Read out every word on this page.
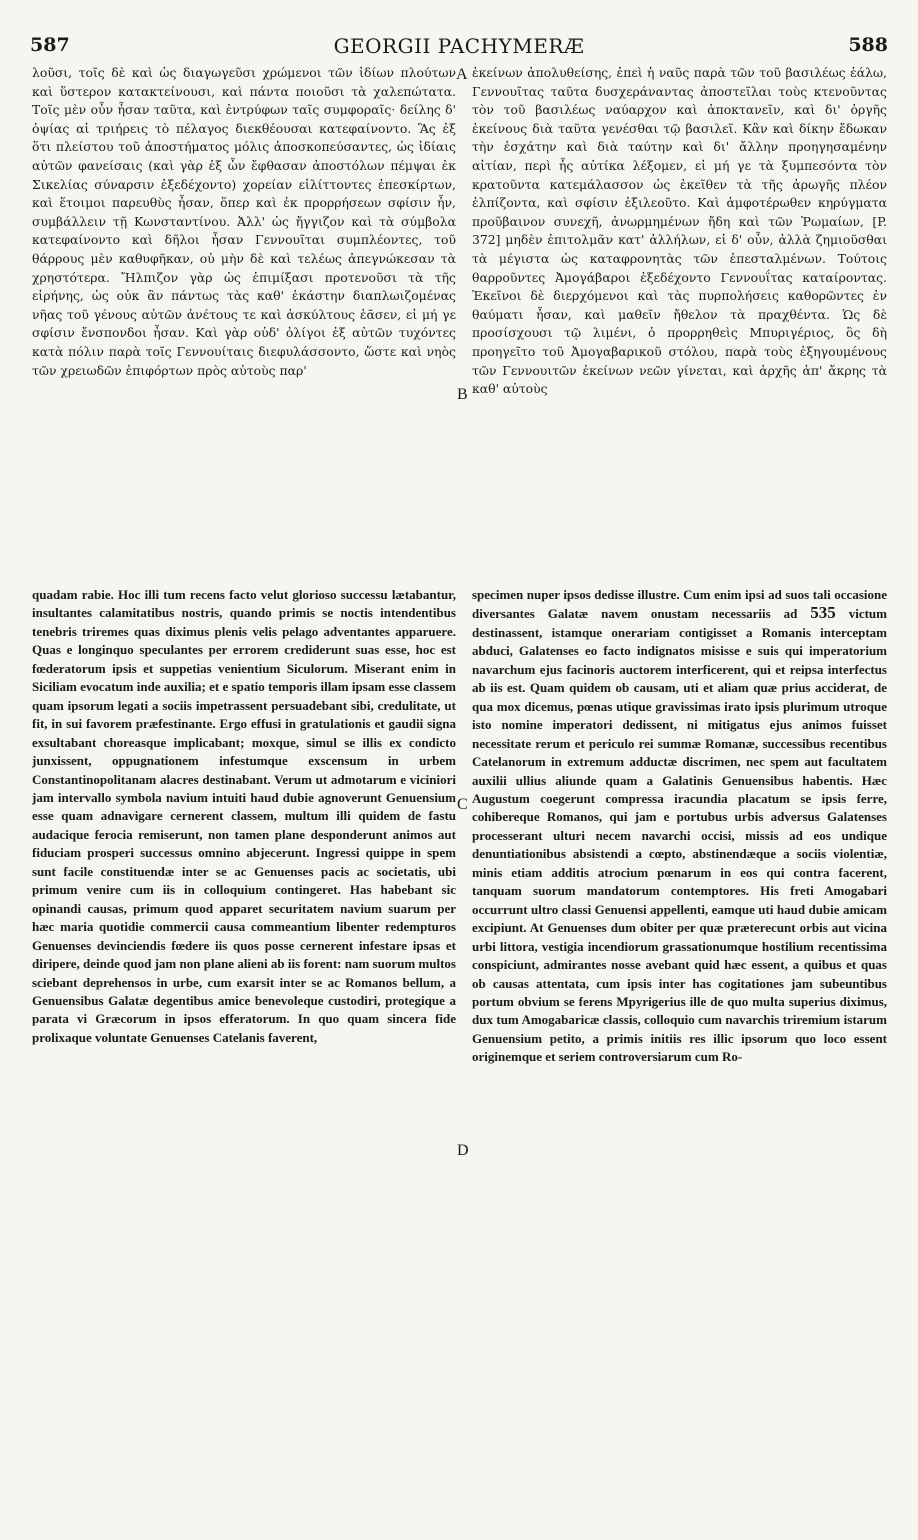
587	GEORGII PACHYMERÆ	588

λοῦσι, τοῖς δὲ καὶ ὡς διαγωγεῦσι χρώμενοι τῶν ἰδίων πλούτων καὶ ὕστερον κατακτείνουσι, καὶ πάντα ποιοῦσι τὰ χαλεπώτατα. Τοῖς μὲν οὖν ἦσαν ταῦτα, καὶ ἐντρύφων ταῖς συμφοραῖς· δείλης δ' ὀψίας αἱ τριήρεις τὸ πέλαγος διεκθέουσαι κατεφαίνοντο. Ἃς ἐξ ὅτι πλείστου τοῦ ἀποστήματος μόλις ἀποσκοπεύσαντες, ὡς ἰδίαις αὐτῶν φανείσαις (καὶ γὰρ ἐξ ὧν ἔφθασαν ἀποστόλων πέμψαι ἐκ Σικελίας σύναρσιν ἐξεδέχοντο) χορείαν εἱλίττοντες ἐπεσκίρτων, καὶ ἕτοιμοι παρευθὺς ἦσαν, ὅπερ καὶ ἐκ προρρήσεων σφίσιν ἦν, συμβάλλειν τῇ Κωνσταντίνου. Ἀλλ' ὡς ἤγγιζον καὶ τὰ σύμβολα κατεφαίνοντο καὶ δῆλοι ἦσαν Γεννουῖται συμπλέοντες, τοῦ θάρρους μὲν καθυφῆκαν, οὐ μὴν δὲ καὶ τελέως ἀπεγνώκεσαν τὰ χρηστότερα. Ἤλπιζον γὰρ ὡς ἐπιμίξασι προτενοῦσι τὰ τῆς εἰρήνης, ὡς οὐκ ἂν πάντως τὰς καθ' ἑκάστην διαπλωιζομένας νῆας τοῦ γένους αὐτῶν ἀνέτους τε καὶ ἀσκύλτους ἐᾶσεν, εἰ μή γε σφίσιν ἔνσπονδοι ἦσαν. Καὶ γὰρ οὐδ' ὀλίγοι ἐξ αὐτῶν τυχόντες κατὰ πόλιν παρὰ τοῖς Γεννουίταις διεφυλάσσοντο, ὥστε καὶ νηὸς τῶν χρειωδῶν ἐπιφόρτων πρὸς αὐτοὺς παρ'

ἐκείνων ἀπολυθείσης, ἐπεὶ ἡ ναῦς παρὰ τῶν τοῦ βασιλέως ἑάλω, Γεννουῖτας ταῦτα δυσχεράναντας ἀποστεῖλαι τοὺς κτενοῦντας τὸν τοῦ βασιλέως ναύαρχον καὶ ἀποκτανεῖν, καὶ δι' ὀργῆς ἐκείνους διὰ ταῦτα γενέσθαι τῷ βασιλεῖ. Κἂν καὶ δίκην ἔδωκαν τὴν ἐσχάτην καὶ διὰ ταύτην καὶ δι' ἄλλην προηγησαμένην αἰτίαν, περὶ ἧς αὐτίκα λέξομεν, εἰ μή γε τὰ ξυμπεσόντα τὸν κρατοῦντα κατεμάλασσον ὡς ἐκεῖθεν τὰ τῆς ἀρωγῆς πλέον ἐλπίζοντα, καὶ σφίσιν ἐξιλεοῦτο. Καὶ ἀμφοτέρωθεν κηρύγματα προῦβαινον συνεχῆ, ἀνωρμημένων ἤδη καὶ τῶν Ῥωμαίων, [P. 372] μηδὲν ἐπιτολμᾶν κατ' ἀλλήλων, εἰ δ' οὖν, ἀλλὰ ζημιοῦσθαι τὰ μέγιστα ὡς καταφρονητὰς τῶν ἐπεσταλμένων. Τούτοις θαρροῦντες Ἀμογάβαροι ἐξεδέχοντο Γεννουΐτας καταίροντας. Ἐκεῖνοι δὲ διερχόμενοι καὶ τὰς πυρπολήσεις καθορῶντες ἐν θαύματι ἦσαν, καὶ μαθεῖν ἤθελον τὰ πραχθέντα. Ὡς δὲ προσίσχουσι τῷ λιμένι, ὁ προρρηθεὶς Μπυριγέριος, ὃς δὴ προηγεῖτο τοῦ Ἀμογαβαρικοῦ στόλου, παρὰ τοὺς ἐξηγουμένους τῶν Γεννουιτῶν ἐκείνων νεῶν γίνεται, καὶ ἀρχῆς ἀπ' ἄκρης τὰ καθ' αὐτοὺς

A
B
C
D

quadam rabie. Hoc illi tum recens facto velut glorioso successu lætabantur, insultantes calamitatibus nostris, quando primis se noctis intendentibus tenebris triremes quas diximus plenis velis pelago adventantes apparuere. Quas e longinquo speculantes per errorem crediderunt suas esse, hoc est fœderatorum ipsis et suppetias venientium Siculorum. Miserant enim in Siciliam evocatum inde auxilia; et e spatio temporis illam ipsam esse classem quam ipsorum legati a sociis impetrassent persuadebant sibi, credulitate, ut fit, in sui favorem præfestinante. Ergo effusi in gratulationis et gaudii signa exsultabant choreasque implicabant; moxque, simul se illis ex condicto junxissent, oppugnationem infestumque exscensum in urbem Constantinopolitanam alacres destinabant. Verum ut admotarum e viciniori jam intervallo symbola navium intuiti haud dubie agnoverunt Genuensium esse quam adnavigare cernerent classem, multum illi quidem de fastu audacique ferocia remiserunt, non tamen plane desponderunt animos aut fiduciam prosperi successus omnino abjecerunt. Ingressi quippe in spem sunt facile constituendæ inter se ac Genuenses pacis ac societatis, ubi primum venire cum iis in colloquium contingeret. Has habebant sic opinandi causas, primum quod apparet securitatem navium suarum per hæc maria quotidie commercii causa commeantium libenter redempturos Genuenses devinciendis fœdere iis quos posse cernerent infestare ipsas et diripere, deinde quod jam non plane alieni ab iis forent: nam suorum multos sciebant deprehensos in urbe, cum exarsit inter se ac Romanos bellum, a Genuensibus Galatæ degentibus amice benevoleque custodiri, protegique a parata vi Græcorum in ipsos efferatorum. In quo quam sincera fide prolixaque voluntate Genuenses Catelanis faverent,

specimen nuper ipsos dedisse illustre. Cum enim ipsi ad suos tali occasione diversantes Galatæ navem onustam necessariis ad 535 victum destinassent, istamque onerariam contigisset a Romanis interceptam abduci, Galatenses eo facto indignatos misisse e suis qui imperatorium navarchum ejus facinoris auctorem interficerent, qui et reipsa interfectus ab iis est. Quam quidem ob causam, uti et aliam quæ prius acciderat, de qua mox dicemus, pœnas utique gravissimas irato ipsis plurimum utroque isto nomine imperatori dedissent, ni mitigatus ejus animos fuisset necessitate rerum et periculo rei summæ Romanæ, successibus recentibus Catelanorum in extremum adductæ discrimen, nec spem aut facultatem auxilii ullius aliunde quam a Galatinis Genuensibus habentis. Hæc Augustum coegerunt compressa iracundia placatum se ipsis ferre, cohibereque Romanos, qui jam e portubus urbis adversus Galatenses processerant ulturi necem navarchi occisi, missis ad eos undique denuntiationibus absistendi a cœpto, abstinendæque a sociis violentiæ, minis etiam additis atrocium pœnarum in eos qui contra facerent, tanquam suorum mandatorum contemptores. His freti Amogabari occurrunt ultro classi Genuensi appellenti, eamque uti haud dubie amicam excipiunt. At Genuenses dum obiter per quæ præterecunt orbis aut vicina urbi littora, vestigia incendiorum grassationumque hostilium recentissima conspiciunt, admirantes nosse avebant quid hæc essent, a quibus et quas ob causas attentata, cum ipsis inter has cogitationes jam subeuntibus portum obvium se ferens Mpyrigerius ille de quo multa superius diximus, dux tum Amogabaricæ classis, colloquio cum navarchis triremium istarum Genuensium petito, a primis initiis res illic ipsorum quo loco essent originemque et seriem controversiarum cum Ro-
